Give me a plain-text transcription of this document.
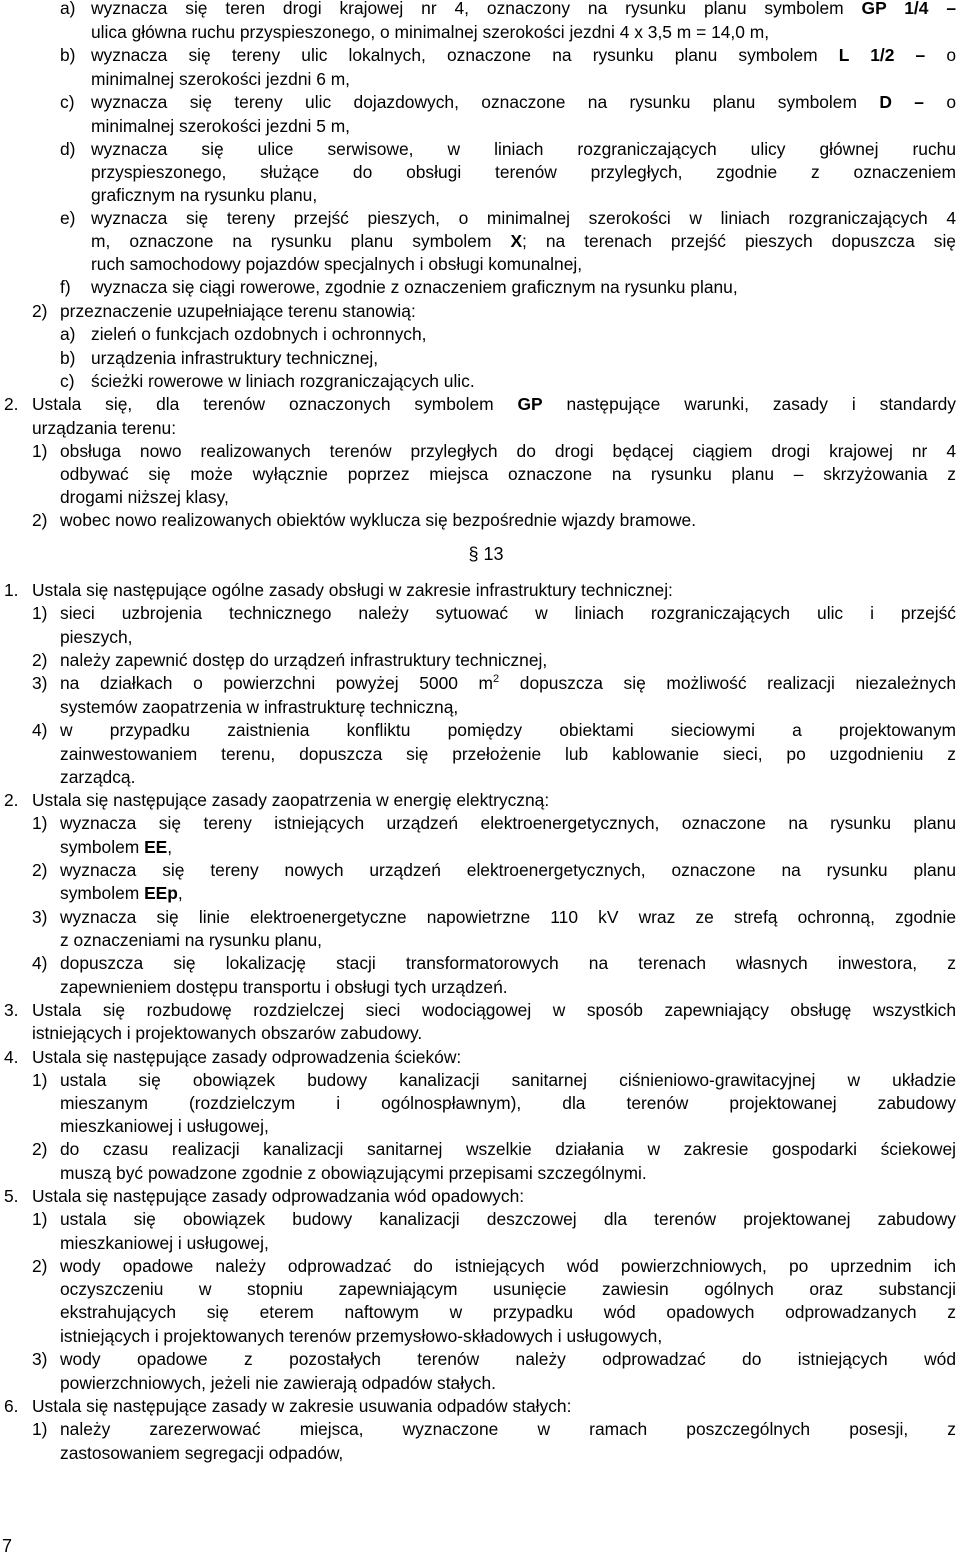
§ 13
7
a) wyznacza się teren drogi krajowej nr 4, oznaczony na rysunku planu symbolem GP 1/4 –
ulica główna ruchu przyspieszonego, o minimalnej szerokości jezdni 4 x 3,5 m = 14,0 m,
b) wyznacza się tereny ulic lokalnych, oznaczone na rysunku planu symbolem L 1/2 – o
minimalnej szerokości jezdni 6 m,
c) wyznacza się tereny ulic dojazdowych, oznaczone na rysunku planu symbolem D – o
minimalnej szerokości jezdni 5 m,
d) wyznacza się ulice serwisowe, w liniach rozgraniczających ulicy głównej ruchu
przyspieszonego, służące do obsługi terenów przyległych, zgodnie z oznaczeniem
graficznym na rysunku planu,
e) wyznacza się tereny przejść pieszych, o minimalnej szerokości w liniach rozgraniczających 4
m, oznaczone na rysunku planu symbolem X; na terenach przejść pieszych dopuszcza się
ruch samochodowy pojazdów specjalnych i obsługi komunalnej,
f) wyznacza się ciągi rowerowe, zgodnie z oznaczeniem graficznym na rysunku planu,
2) przeznaczenie uzupełniające terenu stanowią:
a) zieleń o funkcjach ozdobnych i ochronnych,
b) urządzenia infrastruktury technicznej,
c) ścieżki rowerowe w liniach rozgraniczających ulic.
2. Ustala się, dla terenów oznaczonych symbolem GP następujące warunki, zasady i standardy
urządzania terenu:
1) obsługa nowo realizowanych terenów przyległych do drogi będącej ciągiem drogi krajowej nr 4
odbywać się może wyłącznie poprzez miejsca oznaczone na rysunku planu – skrzyżowania z
drogami niższej klasy,
2) wobec nowo realizowanych obiektów wyklucza się bezpośrednie wjazdy bramowe.
1. Ustala się następujące ogólne zasady obsługi w zakresie infrastruktury technicznej:
1) sieci uzbrojenia technicznego należy sytuować w liniach rozgraniczających ulic i przejść
pieszych,
2) należy zapewnić dostęp do urządzeń infrastruktury technicznej,
3) na działkach o powierzchni powyżej 5000 $m^2$ dopuszcza się możliwość realizacji niezależnych
systemów zaopatrzenia w infrastrukturę techniczną,
4) w przypadku zaistnienia konfliktu pomiędzy obiektami sieciowymi a projektowanym
zainwestowaniem terenu, dopuszcza się przełożenie lub kablowanie sieci, po uzgodnieniu z
zarządcą.
2. Ustala się następujące zasady zaopatrzenia w energię elektryczną:
1) wyznacza się tereny istniejących urządzeń elektroenergetycznych, oznaczone na rysunku planu
symbolem EE,
2) wyznacza się tereny nowych urządzeń elektroenergetycznych, oznaczone na rysunku planu
symbolem EEp,
3) wyznacza się linie elektroenergetyczne napowietrzne 110 kV wraz ze strefą ochronną, zgodnie
z oznaczeniami na rysunku planu,
4) dopuszcza się lokalizację stacji transformatorowych na terenach własnych inwestora, z
zapewnieniem dostępu transportu i obsługi tych urządzeń.
3. Ustala się rozbudowę rozdzielczej sieci wodociągowej w sposób zapewniający obsługę wszystkich
istniejących i projektowanych obszarów zabudowy.
4. Ustala się następujące zasady odprowadzenia ścieków:
1) ustala się obowiązek budowy kanalizacji sanitarnej ciśnieniowo-grawitacyjnej w układzie
mieszanym (rozdzielczym i ogólnospławnym), dla terenów projektowanej zabudowy
mieszkaniowej i usługowej,
2) do czasu realizacji kanalizacji sanitarnej wszelkie działania w zakresie gospodarki ściekowej
muszą być powadzone zgodnie z obowiązującymi przepisami szczególnymi.
5. Ustala się następujące zasady odprowadzania wód opadowych:
1) ustala się obowiązek budowy kanalizacji deszczowej dla terenów projektowanej zabudowy
mieszkaniowej i usługowej,
2) wody opadowe należy odprowadzać do istniejących wód powierzchniowych, po uprzednim ich
oczyszczeniu w stopniu zapewniającym usunięcie zawiesin ogólnych oraz substancji
ekstrahujących się eterem naftowym w przypadku wód opadowych odprowadzanych z
istniejących i projektowanych terenów przemysłowo-składowych i usługowych,
3) wody opadowe z pozostałych terenów należy odprowadzać do istniejących wód
powierzchniowych, jeżeli nie zawierają odpadów stałych.
6. Ustala się następujące zasady w zakresie usuwania odpadów stałych:
1) należy zarezerwować miejsca, wyznaczone w ramach poszczególnych posesji, z
zastosowaniem segregacji odpadów,
